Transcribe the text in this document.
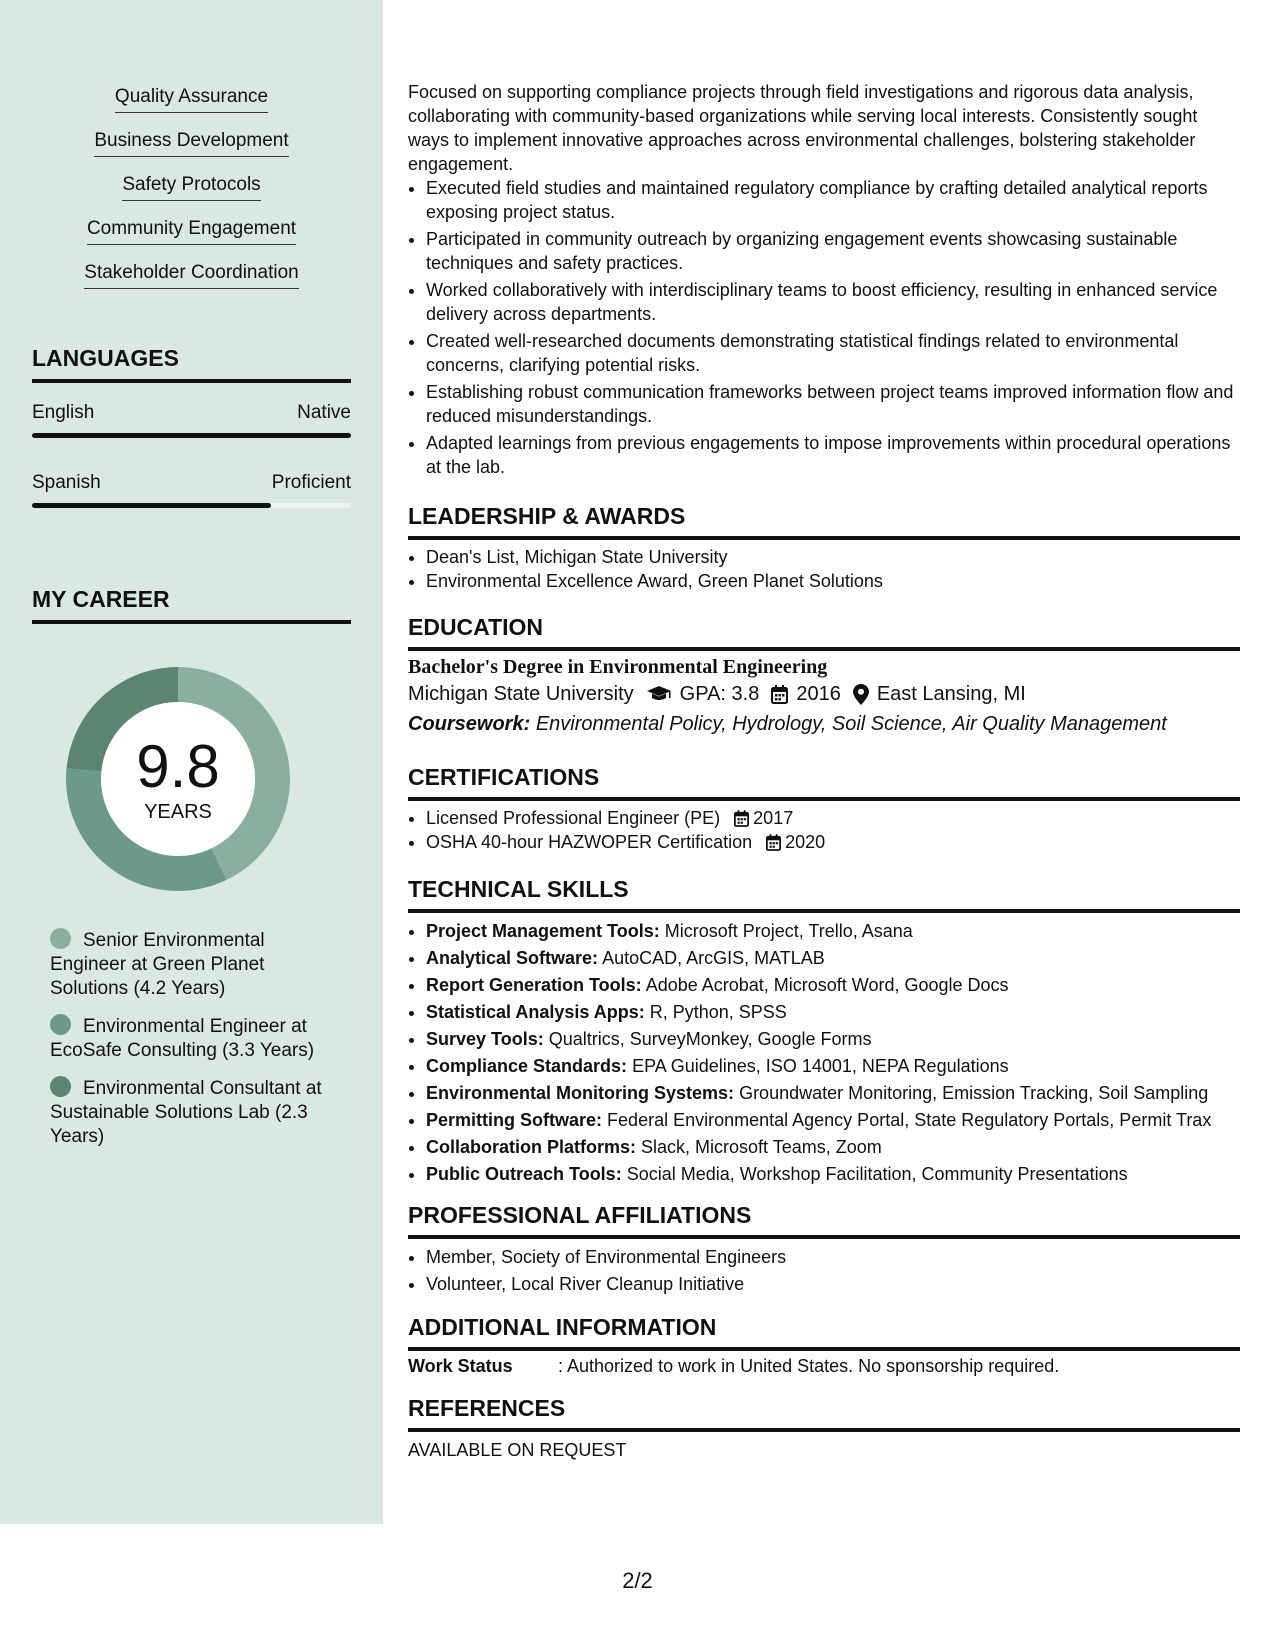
Quality Assurance
Business Development
Safety Protocols
Community Engagement
Stakeholder Coordination
LANGUAGES
English	Native
Spanish	Proficient
MY CAREER
9.8
YEARS
Senior Environmental Engineer at Green Planet Solutions (4.2 Years)
Environmental Engineer at EcoSafe Consulting (3.3 Years)
Environmental Consultant at Sustainable Solutions Lab (2.3 Years)
Focused on supporting compliance projects through field investigations and rigorous data analysis, collaborating with community-based organizations while serving local interests. Consistently sought ways to implement innovative approaches across environmental challenges, bolstering stakeholder engagement.
• Executed field studies and maintained regulatory compliance by crafting detailed analytical reports exposing project status.
• Participated in community outreach by organizing engagement events showcasing sustainable techniques and safety practices.
• Worked collaboratively with interdisciplinary teams to boost efficiency, resulting in enhanced service delivery across departments.
• Created well-researched documents demonstrating statistical findings related to environmental concerns, clarifying potential risks.
• Establishing robust communication frameworks between project teams improved information flow and reduced misunderstandings.
• Adapted learnings from previous engagements to impose improvements within procedural operations at the lab.
LEADERSHIP & AWARDS
• Dean's List, Michigan State University
• Environmental Excellence Award, Green Planet Solutions
EDUCATION
Bachelor's Degree in Environmental Engineering
Michigan State University GPA: 3.8 2016 East Lansing, MI
Coursework: Environmental Policy, Hydrology, Soil Science, Air Quality Management
CERTIFICATIONS
• Licensed Professional Engineer (PE) 2017
• OSHA 40-hour HAZWOPER Certification 2020
TECHNICAL SKILLS
• Project Management Tools: Microsoft Project, Trello, Asana
• Analytical Software: AutoCAD, ArcGIS, MATLAB
• Report Generation Tools: Adobe Acrobat, Microsoft Word, Google Docs
• Statistical Analysis Apps: R, Python, SPSS
• Survey Tools: Qualtrics, SurveyMonkey, Google Forms
• Compliance Standards: EPA Guidelines, ISO 14001, NEPA Regulations
• Environmental Monitoring Systems: Groundwater Monitoring, Emission Tracking, Soil Sampling
• Permitting Software: Federal Environmental Agency Portal, State Regulatory Portals, Permit Trax
• Collaboration Platforms: Slack, Microsoft Teams, Zoom
• Public Outreach Tools: Social Media, Workshop Facilitation, Community Presentations
PROFESSIONAL AFFILIATIONS
• Member, Society of Environmental Engineers
• Volunteer, Local River Cleanup Initiative
ADDITIONAL INFORMATION
Work Status	: Authorized to work in United States. No sponsorship required.
REFERENCES
AVAILABLE ON REQUEST
2/2
